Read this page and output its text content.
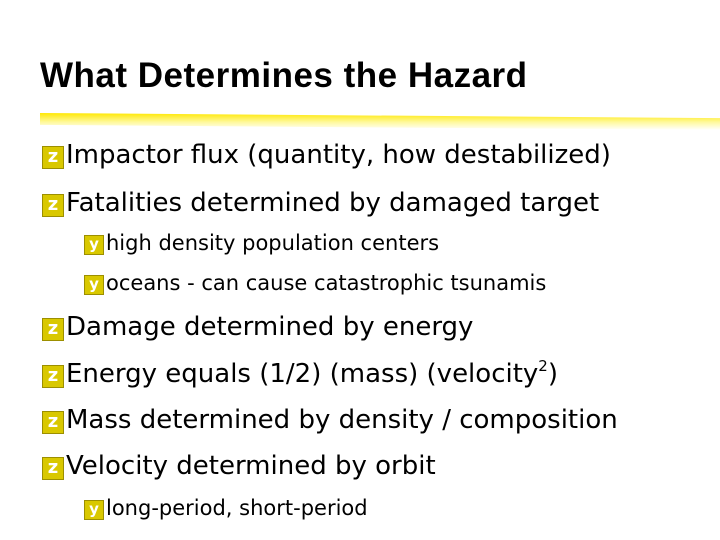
What Determines the Hazard
z Impactor flux (quantity, how destabilized)
z Fatalities determined by damaged target
y high density population centers
y oceans - can cause catastrophic tsunamis
z Damage determined by energy
z Energy equals (1/2) (mass) (velocity$^2$)
z Mass determined by density / composition
z Velocity determined by orbit
y long-period, short-period
